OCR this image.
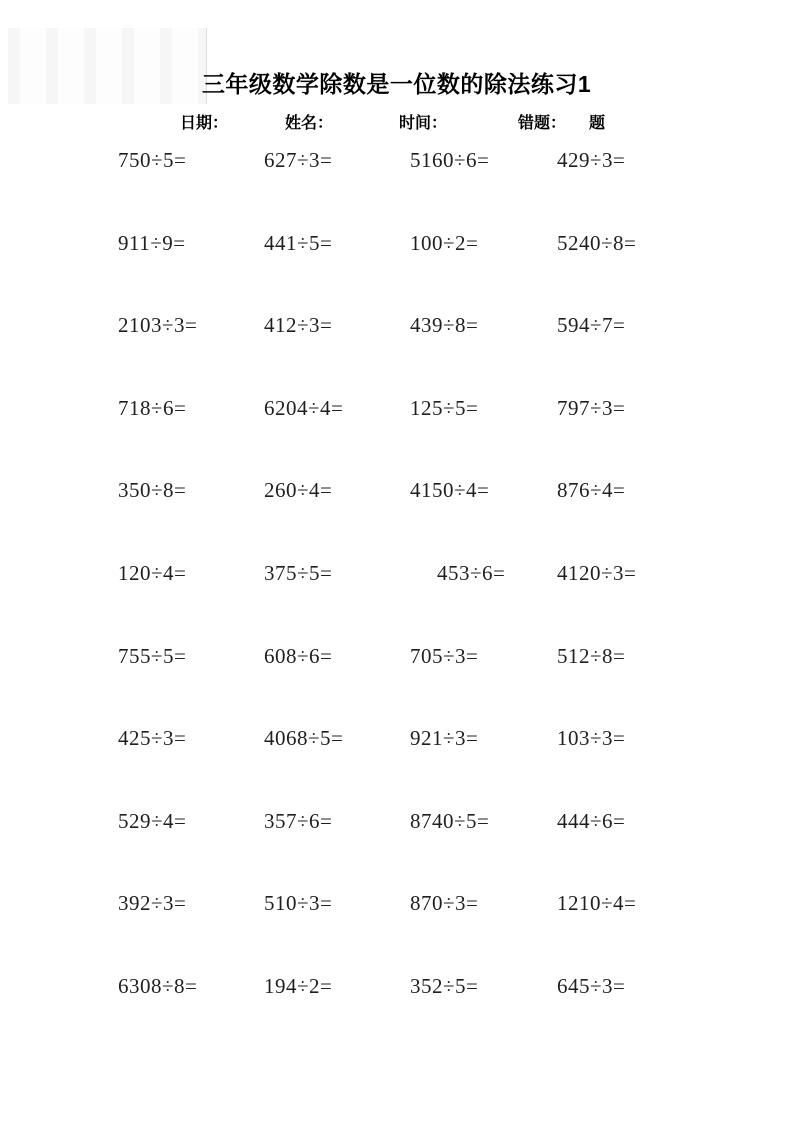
三年级数学除数是一位数的除法练习1
日期：	姓名：	时间：	错题： 题
750÷5=	627÷3=	5160÷6=	429÷3=
911÷9=	441÷5=	100÷2=	5240÷8=
2103÷3=	412÷3=	439÷8=	594÷7=
718÷6=	6204÷4=	125÷5=	797÷3=
350÷8=	260÷4=	4150÷4=	876÷4=
120÷4=	375÷5=	453÷6=	4120÷3=
755÷5=	608÷6=	705÷3=	512÷8=
425÷3=	4068÷5=	921÷3=	103÷3=
529÷4=	357÷6=	8740÷5=	444÷6=
392÷3=	510÷3=	870÷3=	1210÷4=
6308÷8=	194÷2=	352÷5=	645÷3=
